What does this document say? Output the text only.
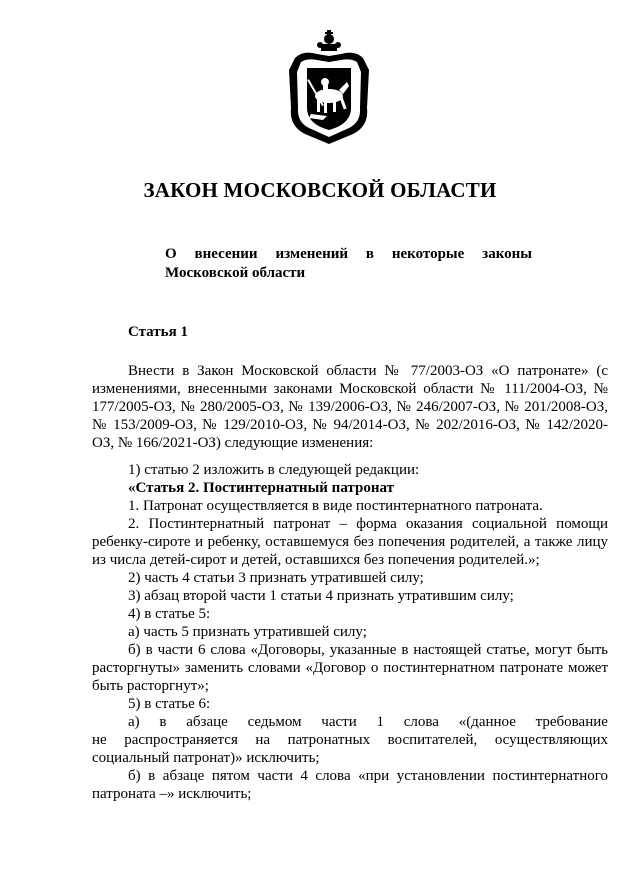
ЗАКОН МОСКОВСКОЙ ОБЛАСТИ
О внесении изменений в некоторые законы
Московской области
Статья 1

Внести в Закон Московской области № 77/2003-ОЗ «О патронате» (с изменениями, внесенными законами Московской области № 111/2004-ОЗ, № 177/2005-ОЗ, № 280/2005-ОЗ, № 139/2006-ОЗ, № 246/2007-ОЗ, № 201/2008-ОЗ, № 153/2009-ОЗ, № 129/2010-ОЗ, № 94/2014-ОЗ, № 202/2016-ОЗ, № 142/2020-ОЗ, № 166/2021-ОЗ) следующие изменения:

1) статью 2 изложить в следующей редакции:

«Статья 2. Постинтернатный патронат

1. Патронат осуществляется в виде постинтернатного патроната.

2. Постинтернатный патронат – форма оказания социальной помощи ребенку-сироте и ребенку, оставшемуся без попечения родителей, а также лицу из числа детей-сирот и детей, оставшихся без попечения родителей.»;

2) часть 4 статьи 3 признать утратившей силу;

3) абзац второй части 1 статьи 4 признать утратившим силу;

4) в статье 5:

а) часть 5 признать утратившей силу;

б) в части 6 слова «Договоры, указанные в настоящей статье, могут быть расторгнуты» заменить словами «Договор о постинтернатном патронате может быть расторгнут»;

5) в статье 6:

а) в абзаце седьмом части 1 слова «(данное требование

не распространяется на патронатных воспитателей, осуществляющих социальный патронат)» исключить;

б) в абзаце пятом части 4 слова «при установлении постинтернатного патроната –» исключить;
